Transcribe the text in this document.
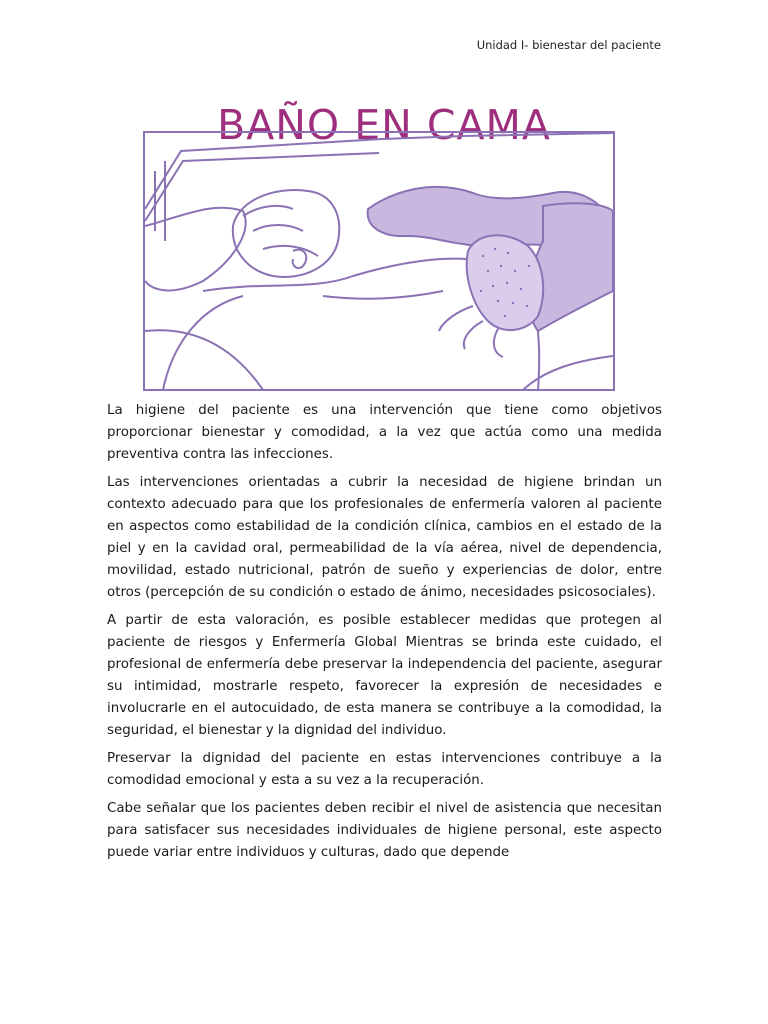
Unidad I- bienestar del paciente
BAÑO EN CAMA

La higiene del paciente es una intervención que tiene como objetivos proporcionar bienestar y comodidad, a la vez que actúa como una medida preventiva contra las infecciones.

Las intervenciones orientadas a cubrir la necesidad de higiene brindan un contexto adecuado para que los profesionales de enfermería valoren al paciente en aspectos como estabilidad de la condición clínica, cambios en el estado de la piel y en la cavidad oral, permeabilidad de la vía aérea, nivel de dependencia, movilidad, estado nutricional, patrón de sueño y experiencias de dolor, entre otros (percepción de su condición o estado de ánimo, necesidades psicosociales).

A partir de esta valoración, es posible establecer medidas que protegen al paciente de riesgos y Enfermería Global Mientras se brinda este cuidado, el profesional de enfermería debe preservar la independencia del paciente, asegurar su intimidad, mostrarle respeto, favorecer la expresión de necesidades e involucrarle en el autocuidado, de esta manera se contribuye a la comodidad, la seguridad, el bienestar y la dignidad del individuo.

Preservar la dignidad del paciente en estas intervenciones contribuye a la comodidad emocional y esta a su vez a la recuperación.

Cabe señalar que los pacientes deben recibir el nivel de asistencia que necesitan para satisfacer sus necesidades individuales de higiene personal, este aspecto puede variar entre individuos y culturas, dado que depende
